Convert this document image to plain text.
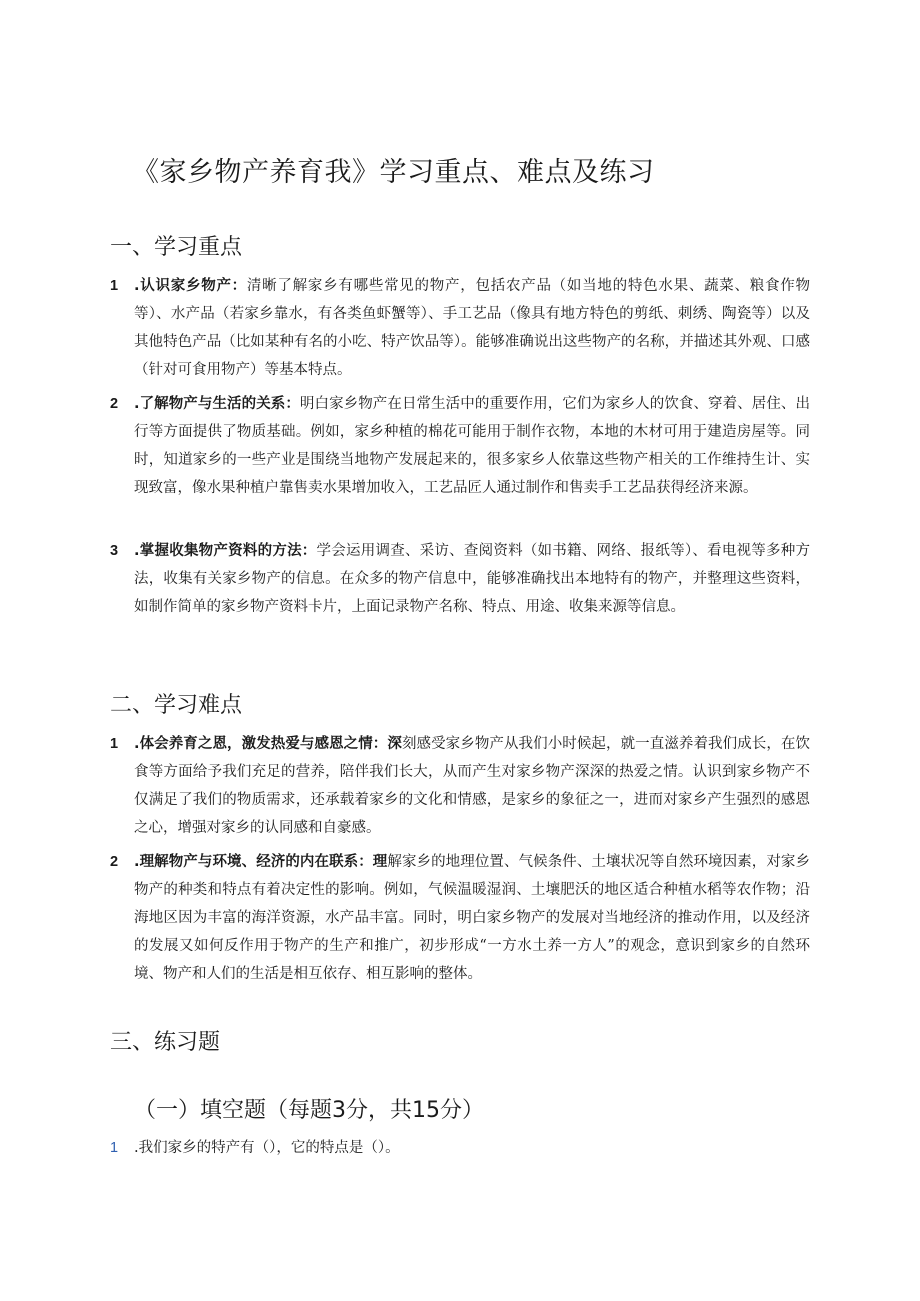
《家乡物产养育我》学习重点、难点及练习
一、学习重点
1	.认识家乡物产：清晰了解家乡有哪些常见的物产，包括农产品（如当地的特色水果、蔬菜、粮食作物等）、水产品（若家乡靠水，有各类鱼虾蟹等）、手工艺品（像具有地方特色的剪纸、刺绣、陶瓷等）以及其他特色产品（比如某种有名的小吃、特产饮品等）。能够准确说出这些物产的名称，并描述其外观、口感（针对可食用物产）等基本特点。
2	.了解物产与生活的关系：明白家乡物产在日常生活中的重要作用，它们为家乡人的饮食、穿着、居住、出行等方面提供了物质基础。例如，家乡种植的棉花可能用于制作衣物，本地的木材可用于建造房屋等。同时，知道家乡的一些产业是围绕当地物产发展起来的，很多家乡人依靠这些物产相关的工作维持生计、实现致富，像水果种植户靠售卖水果增加收入，工艺品匠人通过制作和售卖手工艺品获得经济来源。
3	.掌握收集物产资料的方法：学会运用调查、采访、查阅资料（如书籍、网络、报纸等）、看电视等多种方法，收集有关家乡物产的信息。在众多的物产信息中，能够准确找出本地特有的物产，并整理这些资料，如制作简单的家乡物产资料卡片，上面记录物产名称、特点、用途、收集来源等信息。
二、学习难点
1	.体会养育之恩，激发热爱与感恩之情：深刻感受家乡物产从我们小时候起，就一直滋养着我们成长，在饮食等方面给予我们充足的营养，陪伴我们长大，从而产生对家乡物产深深的热爱之情。认识到家乡物产不仅满足了我们的物质需求，还承载着家乡的文化和情感，是家乡的象征之一，进而对家乡产生强烈的感恩之心，增强对家乡的认同感和自豪感。
2	.理解物产与环境、经济的内在联系：理解家乡的地理位置、气候条件、土壤状况等自然环境因素，对家乡物产的种类和特点有着决定性的影响。例如，气候温暖湿润、土壤肥沃的地区适合种植水稻等农作物；沿海地区因为丰富的海洋资源，水产品丰富。同时，明白家乡物产的发展对当地经济的推动作用，以及经济的发展又如何反作用于物产的生产和推广，初步形成“一方水土养一方人”的观念，意识到家乡的自然环境、物产和人们的生活是相互依存、相互影响的整体。
三、练习题
（一）填空题（每题3分，共15分）
1	.我们家乡的特产有（），它的特点是（）。
